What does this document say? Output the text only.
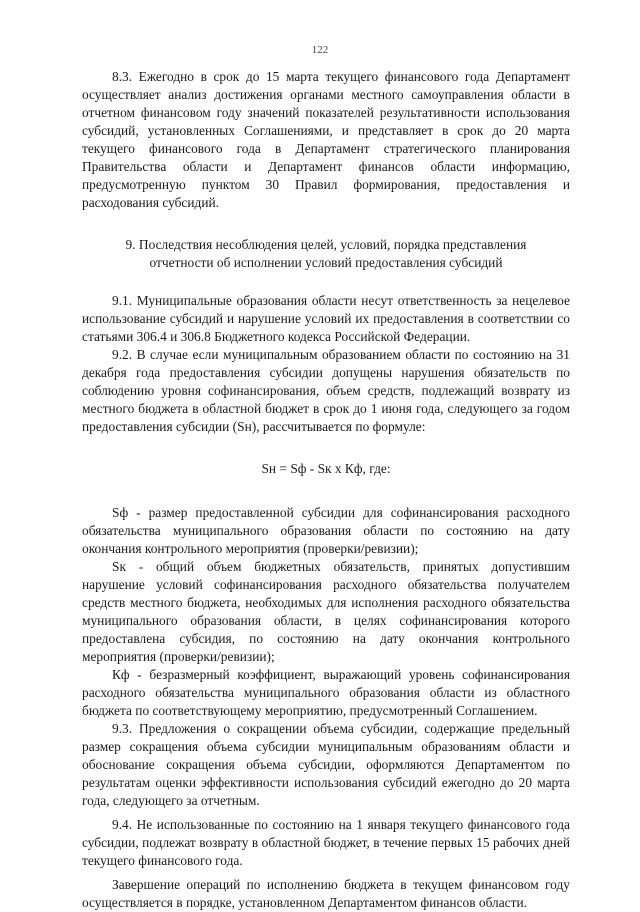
122

8.3. Ежегодно в срок до 15 марта текущего финансового года Департамент осуществляет анализ достижения органами местного самоуправления области в отчетном финансовом году значений показателей результативности использования субсидий, установленных Соглашениями, и представляет в срок до 20 марта текущего финансового года в Департамент стратегического планирования Правительства области и Департамент финансов области информацию, предусмотренную пунктом 30 Правил формирования, предоставления и расходования субсидий.

9. Последствия несоблюдения целей, условий, порядка представления отчетности об исполнении условий предоставления субсидий

9.1. Муниципальные образования области несут ответственность за нецелевое использование субсидий и нарушение условий их предоставления в соответствии со статьями 306.4 и 306.8 Бюджетного кодекса Российской Федерации.

9.2. В случае если муниципальным образованием области по состоянию на 31 декабря года предоставления субсидии допущены нарушения обязательств по соблюдению уровня софинансирования, объем средств, подлежащий возврату из местного бюджета в областной бюджет в срок до 1 июня года, следующего за годом предоставления субсидии (Sн), рассчитывается по формуле:

Sн = Sф - Sк x Кф, где:

Sф - размер предоставленной субсидии для софинансирования расходного обязательства муниципального образования области по состоянию на дату окончания контрольного мероприятия (проверки/ревизии);

Sк - общий объем бюджетных обязательств, принятых допустившим нарушение условий софинансирования расходного обязательства получателем средств местного бюджета, необходимых для исполнения расходного обязательства муниципального образования области, в целях софинансирования которого предоставлена субсидия, по состоянию на дату окончания контрольного мероприятия (проверки/ревизии);

Кф - безразмерный коэффициент, выражающий уровень софинансирования расходного обязательства муниципального образования области из областного бюджета по соответствующему мероприятию, предусмотренный Соглашением.

9.3. Предложения о сокращении объема субсидии, содержащие предельный размер сокращения объема субсидии муниципальным образованиям области и обоснование сокращения объема субсидии, оформляются Департаментом по результатам оценки эффективности использования субсидий ежегодно до 20 марта года, следующего за отчетным.

9.4. Не использованные по состоянию на 1 января текущего финансового года субсидии, подлежат возврату в областной бюджет, в течение первых 15 рабочих дней текущего финансового года.

Завершение операций по исполнению бюджета в текущем финансовом году осуществляется в порядке, установленном Департаментом финансов области.
